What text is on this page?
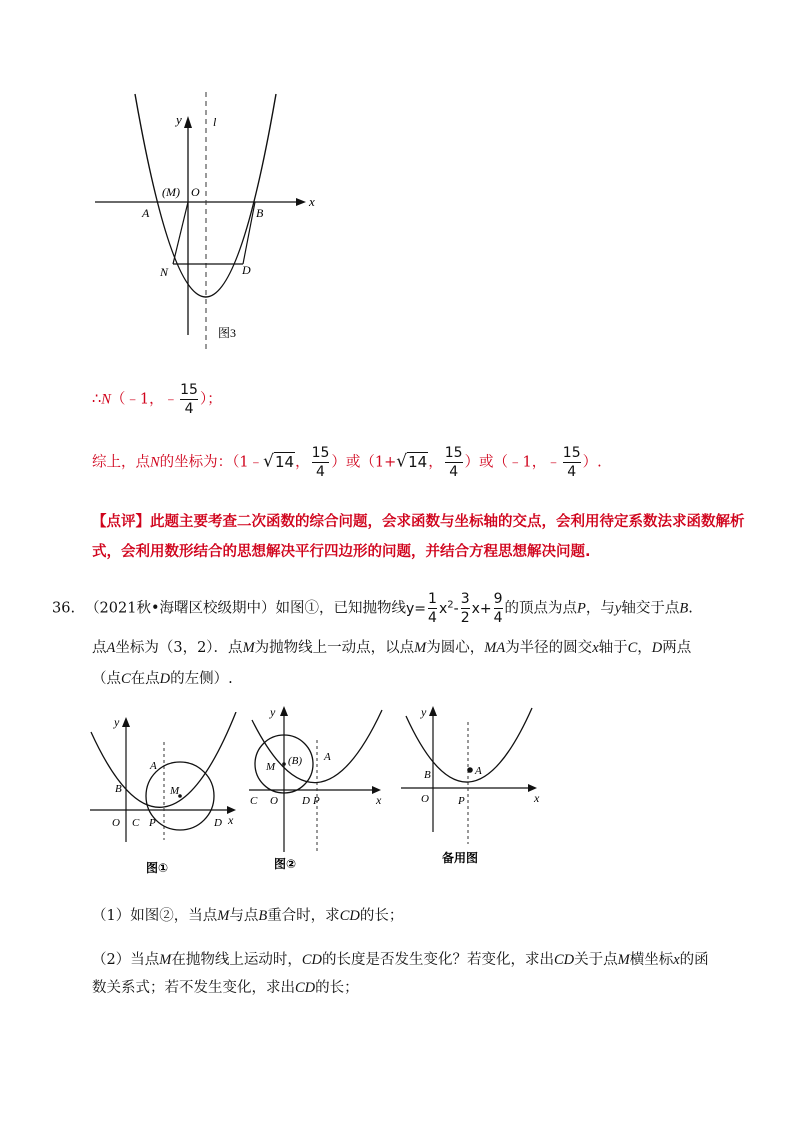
y	l
x
(M) O
A	B
N	D
图3
∴N（﹣1，﹣ $\frac{15}{4}$ ）；
综上，点N的坐标为：（1﹣√14， $\frac{15}{4}$ ）或（1+√14， $\frac{15}{4}$ ）或（﹣1，﹣ $\frac{15}{4}$ ）.
【点评】此题主要考查二次函数的综合问题，会求函数与坐标轴的交点，会利用待定系数法求函数解析
式，会利用数形结合的思想解决平行四边形的问题，并结合方程思想解决问题.
36. （2021秋•海曙区校级期中）如图①，已知抛物线$y= \frac{1}{4} x^2- \frac{3}{2} x+ \frac{9}{4}$ 的顶点为点P，与y轴交于点B.
点A坐标为（3，2）．点M为抛物线上一动点，以点M为圆心，MA为半径的圆交x轴于C，D两点
（点C在点D的左侧）.
y
x
B
A
M
O C P	D
图①
y
x
A
M (B)
C O D P
图②
y
x
B	A
O	P
备用图
（1）如图②，当点M与点B重合时，求CD的长；
（2）当点M在抛物线上运动时，CD的长度是否发生变化？若变化，求出CD关于点M横坐标x的函
数关系式；若不发生变化，求出CD的长；
